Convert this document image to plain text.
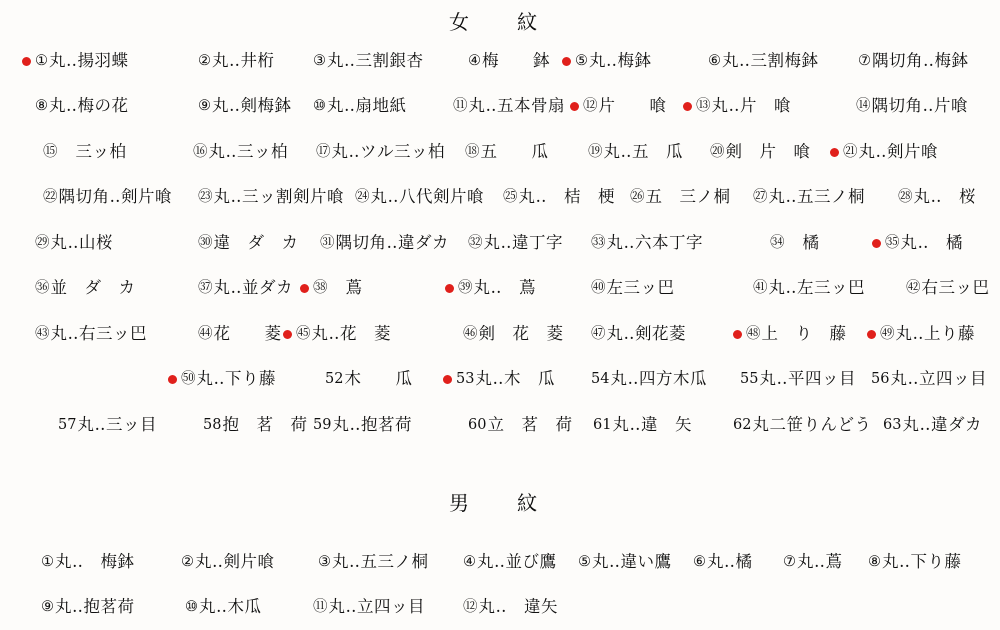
女　紋
① 丸‥揚羽蝶	② 丸‥井桁	③ 丸‥三割銀杏	④ 梅　　鉢 ⑤ 丸‥梅鉢	⑥ 丸‥三割梅鉢	⑦ 隅切角‥梅鉢
⑧ 丸‥梅の花	⑨ 丸‥剣梅鉢 ⑩ 丸‥扇地紙	⑪ 丸‥五本骨扇 ⑫ 片　　喰 ⑬ 丸‥片　喰	⑭ 隅切角‥片喰
⑮ 　三ッ柏	⑯ 丸‥三ッ柏 ⑰ 丸‥ツル三ッ柏 ⑱ 五　　瓜	⑲ 丸‥五　瓜 ⑳ 剣　片　喰 ㉑ 丸‥剣片喰
㉒ 隅切角‥剣片喰 ㉓ 丸‥三ッ割剣片喰 ㉔ 丸‥八代剣片喰 ㉕ 丸‥　桔　梗 ㉖ 五　三ノ桐 ㉗ 丸‥五三ノ桐 ㉘ 丸‥　桜
㉙ 丸‥山桜	㉚ 違　ダ　カ ㉛ 隅切角‥違ダカ ㉜ 丸‥違丁字 ㉝ 丸‥六本丁字	㉞ 　橘	㉟ 丸‥　橘
㊱ 並　ダ　カ	㊲ 丸‥並ダカ ㊳ 　蔦	㊴ 丸‥　蔦	㊵ 左三ッ巴	㊶ 丸‥左三ッ巴	㊷ 右三ッ巴
㊸ 丸‥右三ッ巴	㊹ 花　　菱 ㊺ 丸‥花　菱	㊻ 剣　花　菱 ㊼ 丸‥剣花菱	㊽ 上　り　藤 ㊾ 丸‥上り藤
㊿ 丸‥下り藤	52 木　　瓜	53 丸‥木　瓜 54 丸‥四方木瓜 55 丸‥平四ッ目 56 丸‥立四ッ目
57 丸‥三ッ目	58 抱　茗　荷 59 丸‥抱茗荷	60 立　茗　荷 61 丸‥違　矢	62 丸二笹りんどう 63 丸‥違ダカ
男　紋
① 丸‥　梅鉢	② 丸‥剣片喰	③ 丸‥五三ノ桐 ④ 丸‥並び鷹 ⑤ 丸‥違い鷹 ⑥ 丸‥橘 ⑦ 丸‥蔦 ⑧ 丸‥下り藤
⑨ 丸‥抱茗荷	⑩ 丸‥木瓜	⑪ 丸‥立四ッ目	⑫ 丸‥　違矢
